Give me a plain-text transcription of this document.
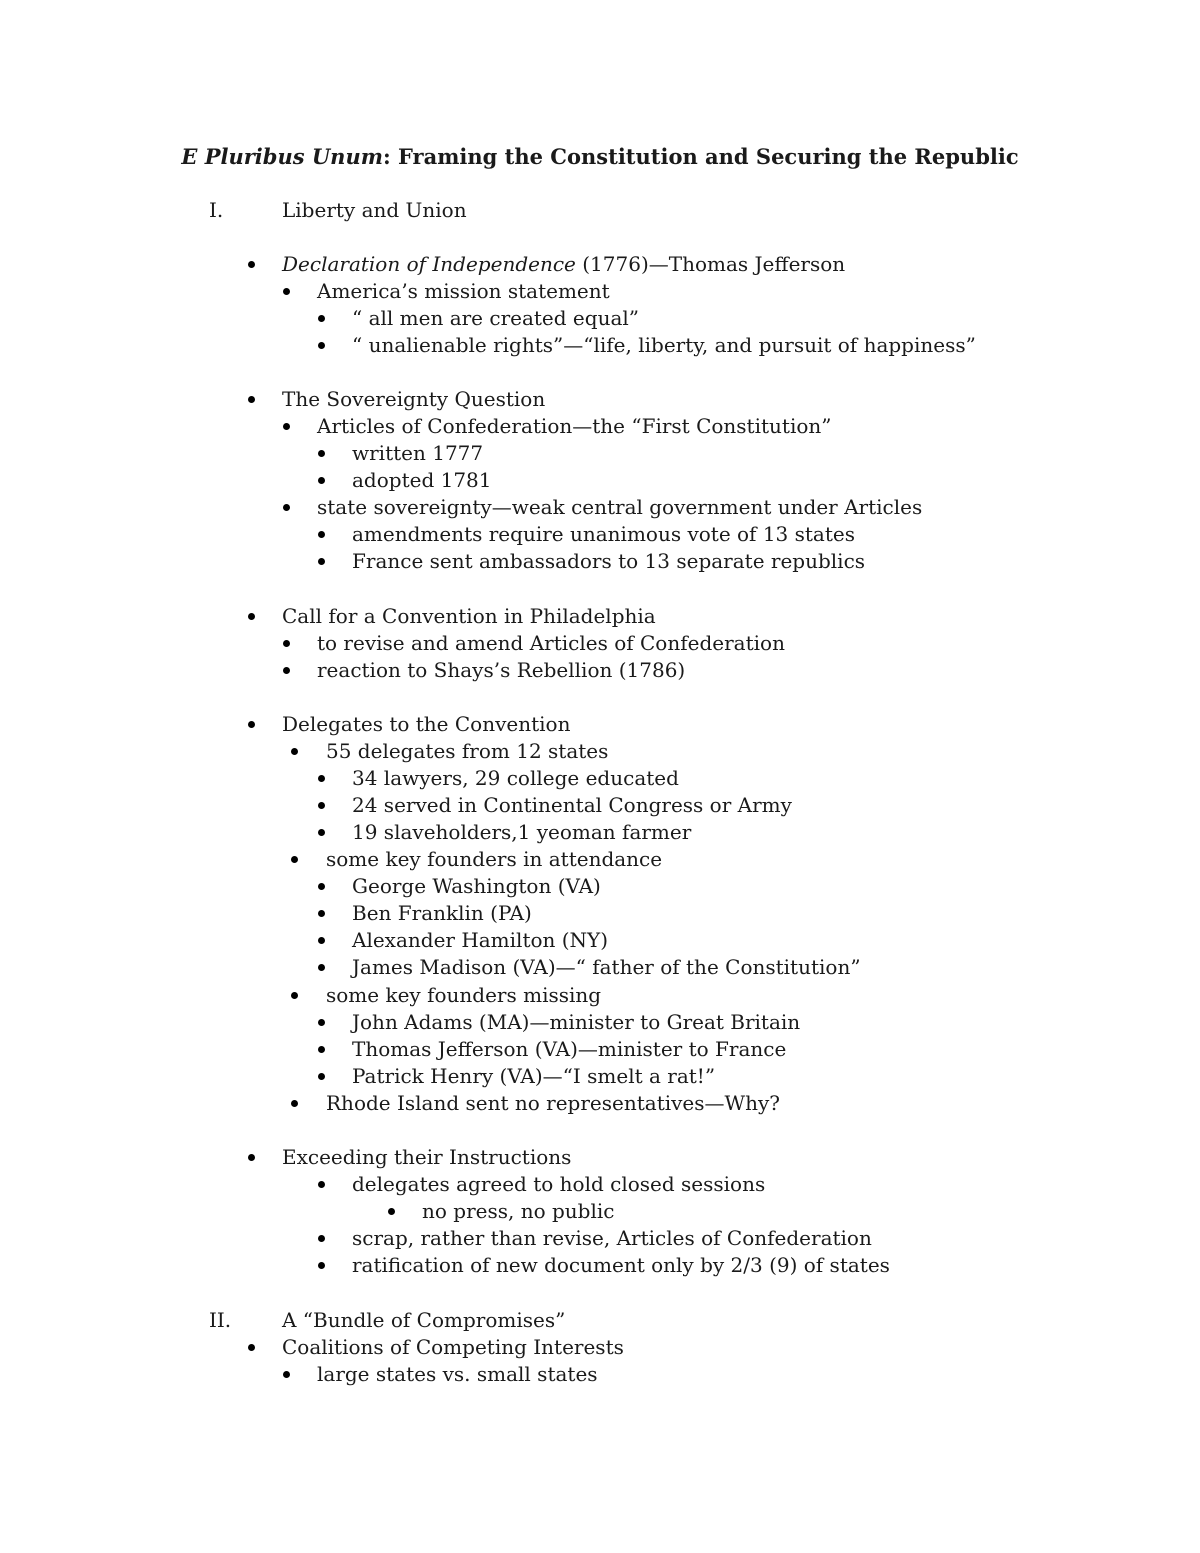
E Pluribus Unum: Framing the Constitution and Securing the Republic
I.	Liberty and Union
II.	A “Bundle of Compromises”
Declaration of Independence (1776)—Thomas Jefferson
America’s mission statement
“ all men are created equal”
“ unalienable rights”—“life, liberty, and pursuit of happiness”
The Sovereignty Question
Articles of Confederation—the “First Constitution”
written 1777
adopted 1781
state sovereignty—weak central government under Articles
amendments require unanimous vote of 13 states
France sent ambassadors to 13 separate republics
Call for a Convention in Philadelphia
to revise and amend Articles of Confederation
reaction to Shays’s Rebellion (1786)
Delegates to the Convention
55 delegates from 12 states
34 lawyers, 29 college educated
24 served in Continental Congress or Army
19 slaveholders,1 yeoman farmer
some key founders in attendance
George Washington (VA)
Ben Franklin (PA)
Alexander Hamilton (NY)
James Madison (VA)—“ father of the Constitution”
some key founders missing
John Adams (MA)—minister to Great Britain
Thomas Jefferson (VA)—minister to France
Patrick Henry (VA)—“I smelt a rat!”
Rhode Island sent no representatives—Why?
Exceeding their Instructions
delegates agreed to hold closed sessions
no press, no public
scrap, rather than revise, Articles of Confederation
ratification of new document only by 2/3 (9) of states
Coalitions of Competing Interests
large states vs. small states
